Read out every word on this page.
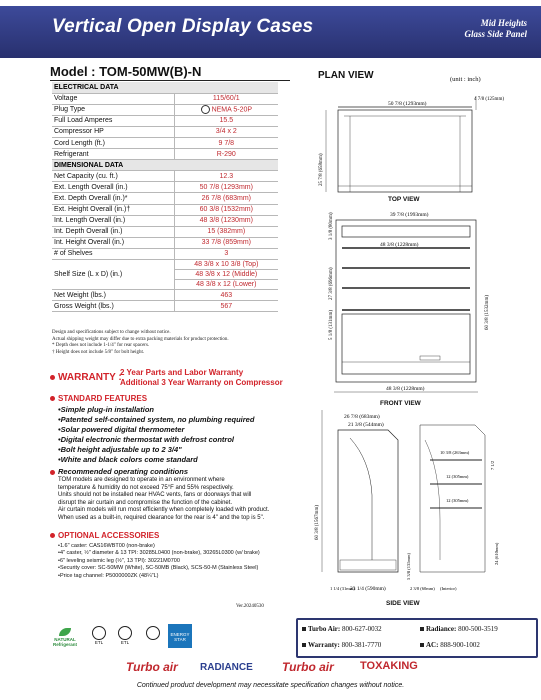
Vertical Open Display Cases	Mid Heights
Glass Side Panel
Model : TOM-50MW(B)-N
ELECTRICAL DATA	
Voltage	115/60/1
Plug Type	NEMA 5-20P
Full Load Amperes	15.5
Compressor HP	3/4 x 2
Cord Length (ft.)	9 7/8
Refrigerant	R-290
DIMENSIONAL DATA	
Net Capacity (cu. ft.)	12.3
Ext. Length Overall (in.)	50 7/8 (1293mm)
Ext. Depth Overall (in.)*	26 7/8 (683mm)
Ext. Height Overall (in.)†	60 3/8 (1532mm)
Int. Length Overall (in.)	48 3/8 (1230mm)
Int. Depth Overall (in.)	15 (382mm)
Int. Height Overall (in.)	33 7/8 (859mm)
# of Shelves	3
Shelf Size (L x D) (in.)	48 3/8 x 10 3/8 (Top)
	48 3/8 x 12 (Middle)
	48 3/8 x 12 (Lower)
Net Weight (lbs.)	463
Gross Weight (lbs.)	567
Design and specifications subject to change without notice.
Actual shipping weight may differ due to extra packing materials for product protection.
* Depth does not include 1-1/4" for rear spacers.
† Height does not include 5/8" for bolt height.
WARRANTY :
2 Year Parts and Labor Warranty
Additional 3 Year Warranty on Compressor
STANDARD FEATURES
• Simple plug-in installation
• Patented self-contained system, no plumbing required
• Solar powered digital thermometer
• Digital electronic thermostat with defrost control
• Bolt height adjustable up to 2 3/4"
• White and black colors come standard
Recommended operating conditions
TOM models are designed to operate in an environment where
temperature & humidity do not exceed 75°F and 55% respectively.
Units should not be installed near HVAC vents, fans or doorways that will
disrupt the air curtain and compromise the function of the cabinet.
Air curtain models will run most efficiently when completely loaded with product.
When used as a built-in, required clearance for the rear is 4" and the top is 5".
OPTIONAL ACCESSORIES
• 1.6" caster: CAS16WBT00 (non-brake)
• 4" caster, ½" diameter & 13 TPI: 30285L0400 (non-brake), 30265L0300 (w/ brake)
• 6" leveling seismic leg (½", 13 TPI): 30221M0700
• Security cover: SC-50MW (White), SC-50MB (Black), SCS-50-M (Stainless Steel)
• Price tag channel: P5000000ZK (48¼"L)
Ver.20240530
PLAN VIEW	(unit : inch)
50 7/8 (1293mm)
4 7/8 (125mm)
25 7/8 (658mm)
39 7/8 (1993mm)
48 3/8 (1228mm)
48 3/8 (1228mm)
3 1/8 (80mm)
27 3/8 (696mm)
5 1/8 (131mm)	60 3/8 (1532mm)
26 7/8 (683mm)
21 3/8 (544mm)
23 1/4 (590mm)
60 3/8 (1567mm)
10 3/8 (263mm)
12 (305mm)
12 (305mm)
7 1/2
24 (610mm)
5 3/8 (135mm)
1 1/4 (31mm)	2 3/8 (60mm) (Interior)
TOP VIEW
FRONT VIEW
SIDE VIEW
NATURAL Refrigerant	ETL	ETL
ENERGY STAR
Turbo Air: 800-627-0032	Radiance: 800-500-3519
Warranty: 800-381-7770	AC: 888-900-1002
Turbo air RADIANCE Turbo air TOXAKING
Continued product development may necessitate specification changes without notice.
